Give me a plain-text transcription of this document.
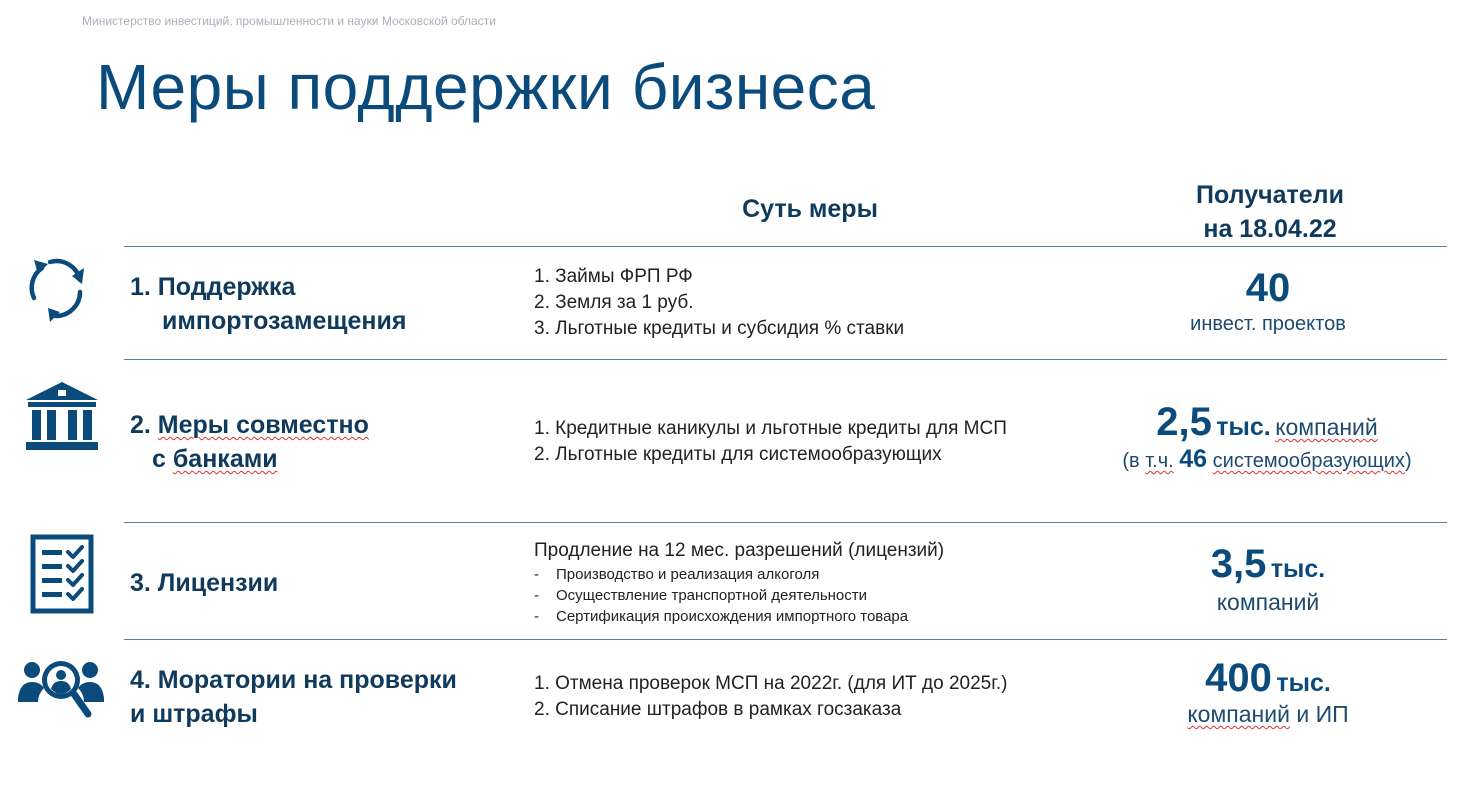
Министерство инвестиций, промышленности и науки Московской области
Меры поддержки бизнеса
Суть меры	Получатели
на 18.04.22
1. Поддержка
импортозамещения
1. Займы ФРП РФ
2. Земля за 1 руб.
3. Льготные кредиты и субсидия % ставки
40
инвест. проектов
2. Меры совместно
с банками
1. Кредитные каникулы и льготные кредиты для МСП
2. Льготные кредиты для системообразующих
2,5 тыс. компаний
(в т.ч. 46 системообразующих)
3. Лицензии
Продление на 12 мес. разрешений (лицензий)
- Производство и реализация алкоголя
- Осуществление транспортной деятельности
- Сертификация происхождения импортного товара
3,5 тыс.
компаний
4. Моратории на проверки
и штрафы
1. Отмена проверок МСП на 2022г. (для ИТ до 2025г.)
2. Списание штрафов в рамках госзаказа
400 тыс.
компаний и ИП
